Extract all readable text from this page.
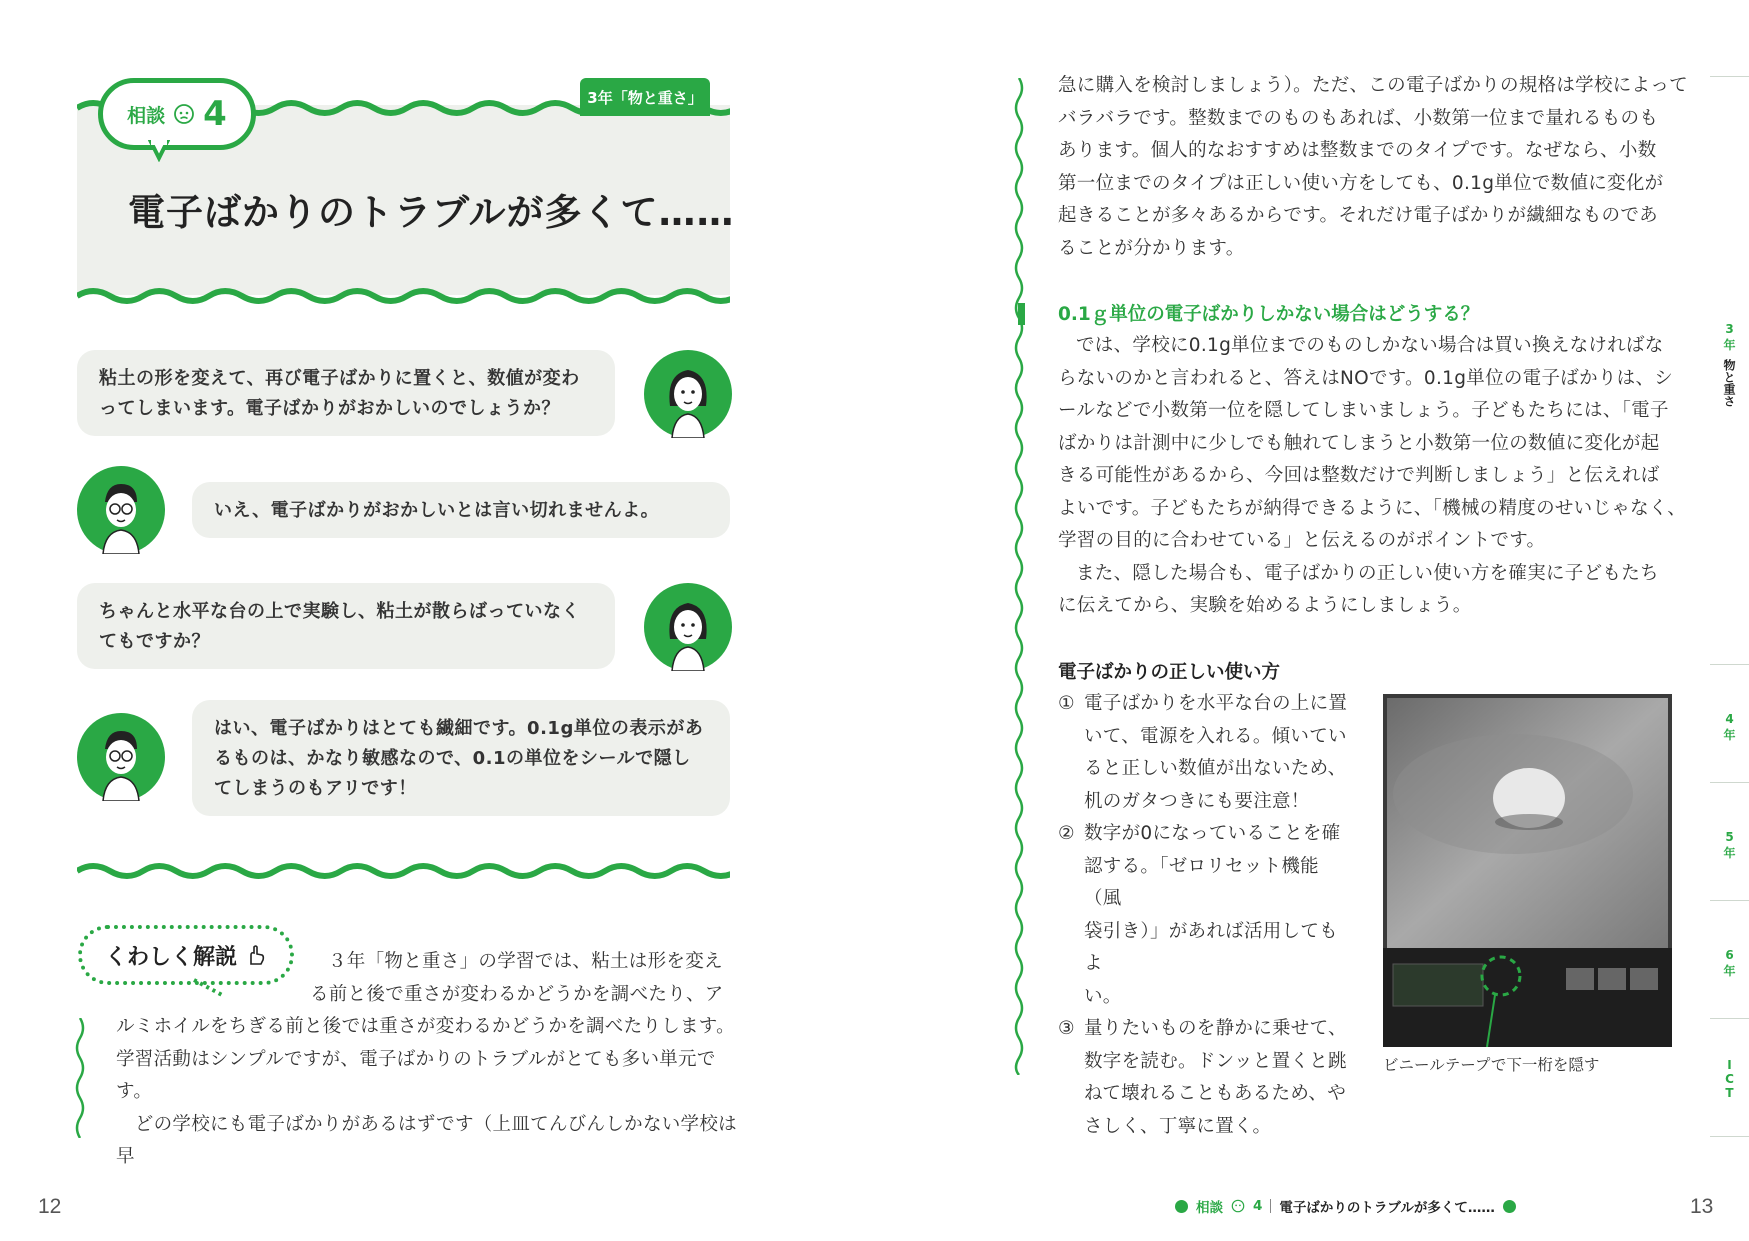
相談 4	3年「物と重さ」
電子ばかりのトラブルが多くて……
粘土の形を変えて、再び電子ばかりに置くと、数値が変わ
ってしまいます。電子ばかりがおかしいのでしょうか？
いえ、電子ばかりがおかしいとは言い切れませんよ。
ちゃんと水平な台の上で実験し、粘土が散らばっていなく
てもですか？
はい、電子ばかりはとても繊細です。0.1g単位の表示があ
るものは、かなり敏感なので、0.1の単位をシールで隠し
てしまうのもアリです！
くわしく解説	３年「物と重さ」の学習では、粘土は形を変え
る前と後で重さが変わるかどうかを調べたり、ア
ルミホイルをちぎる前と後では重さが変わるかどうかを調べたりします。
学習活動はシンプルですが、電子ばかりのトラブルがとても多い単元で
す。
　どの学校にも電子ばかりがあるはずです（上皿てんびんしかない学校は早
12
急に購入を検討しましょう）。ただ、この電子ばかりの規格は学校によって
バラバラです。整数までのものもあれば、小数第一位まで量れるものも
あります。個人的なおすすめは整数までのタイプです。なぜなら、小数
第一位までのタイプは正しい使い方をしても、0.1g単位で数値に変化が
起きることが多々あるからです。それだけ電子ばかりが繊細なものであ
ることが分かります。
0.1ｇ単位の電子ばかりしかない場合はどうする？
では、学校に0.1g単位までのものしかない場合は買い換えなければな
らないのかと言われると、答えはNOです。0.1g単位の電子ばかりは、シ
ールなどで小数第一位を隠してしまいましょう。子どもたちには、「電子
ばかりは計測中に少しでも触れてしまうと小数第一位の数値に変化が起
きる可能性があるから、今回は整数だけで判断しましょう」と伝えれば
よいです。子どもたちが納得できるように、「機械の精度のせいじゃなく、
学習の目的に合わせている」と伝えるのがポイントです。
また、隠した場合も、電子ばかりの正しい使い方を確実に子どもたち
に伝えてから、実験を始めるようにしましょう。
電子ばかりの正しい使い方
① 電子ばかりを水平な台の上に置
いて、電源を入れる。傾いてい
ると正しい数値が出ないため、
机のガタつきにも要注意！
② 数字が0になっていることを確
認する。「ゼロリセット機能（風
袋引き）」があれば活用してもよ
い。
③ 量りたいものを静かに乗せて、
数字を読む。ドンッと置くと跳
ねて壊れることもあるため、や
さしく、丁寧に置く。
ビニールテープで下一桁を隠す
3
年
物と重さ
4
年
5
年
6
年
I
C
T
相談 4 電子ばかりのトラブルが多くて……	13
